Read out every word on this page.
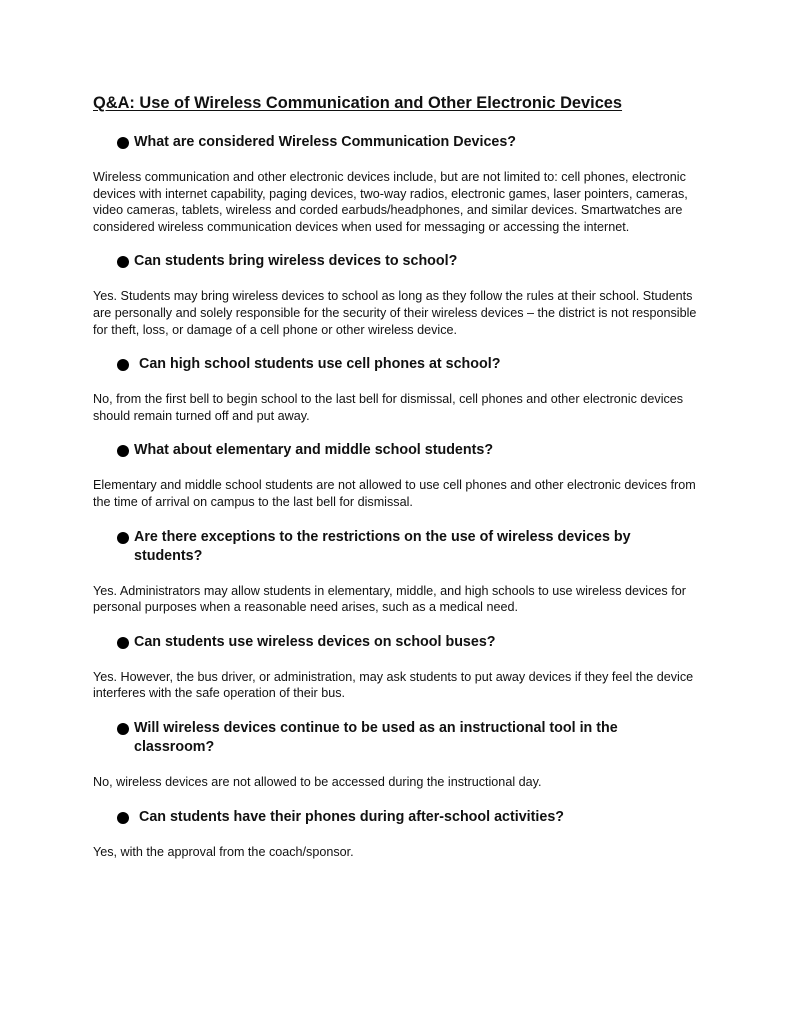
Q&A: Use of Wireless Communication and Other Electronic Devices
What are considered Wireless Communication Devices?

Wireless communication and other electronic devices include, but are not limited to: cell phones, electronic devices with internet capability, paging devices, two-way radios, electronic games, laser pointers, cameras, video cameras, tablets, wireless and corded earbuds/headphones, and similar devices. Smartwatches are considered wireless communication devices when used for messaging or accessing the internet.

Can students bring wireless devices to school?

Yes. Students may bring wireless devices to school as long as they follow the rules at their school. Students are personally and solely responsible for the security of their wireless devices – the district is not responsible for theft, loss, or damage of a cell phone or other wireless device.

Can high school students use cell phones at school?

No, from the first bell to begin school to the last bell for dismissal, cell phones and other electronic devices should remain turned off and put away.

What about elementary and middle school students?

Elementary and middle school students are not allowed to use cell phones and other electronic devices from the time of arrival on campus to the last bell for dismissal.

Are there exceptions to the restrictions on the use of wireless devices by students?

Yes. Administrators may allow students in elementary, middle, and high schools to use wireless devices for personal purposes when a reasonable need arises, such as a medical need.

Can students use wireless devices on school buses?

Yes. However, the bus driver, or administration, may ask students to put away devices if they feel the device interferes with the safe operation of their bus.

Will wireless devices continue to be used as an instructional tool in the classroom?

No, wireless devices are not allowed to be accessed during the instructional day.

Can students have their phones during after-school activities?

Yes, with the approval from the coach/sponsor.
